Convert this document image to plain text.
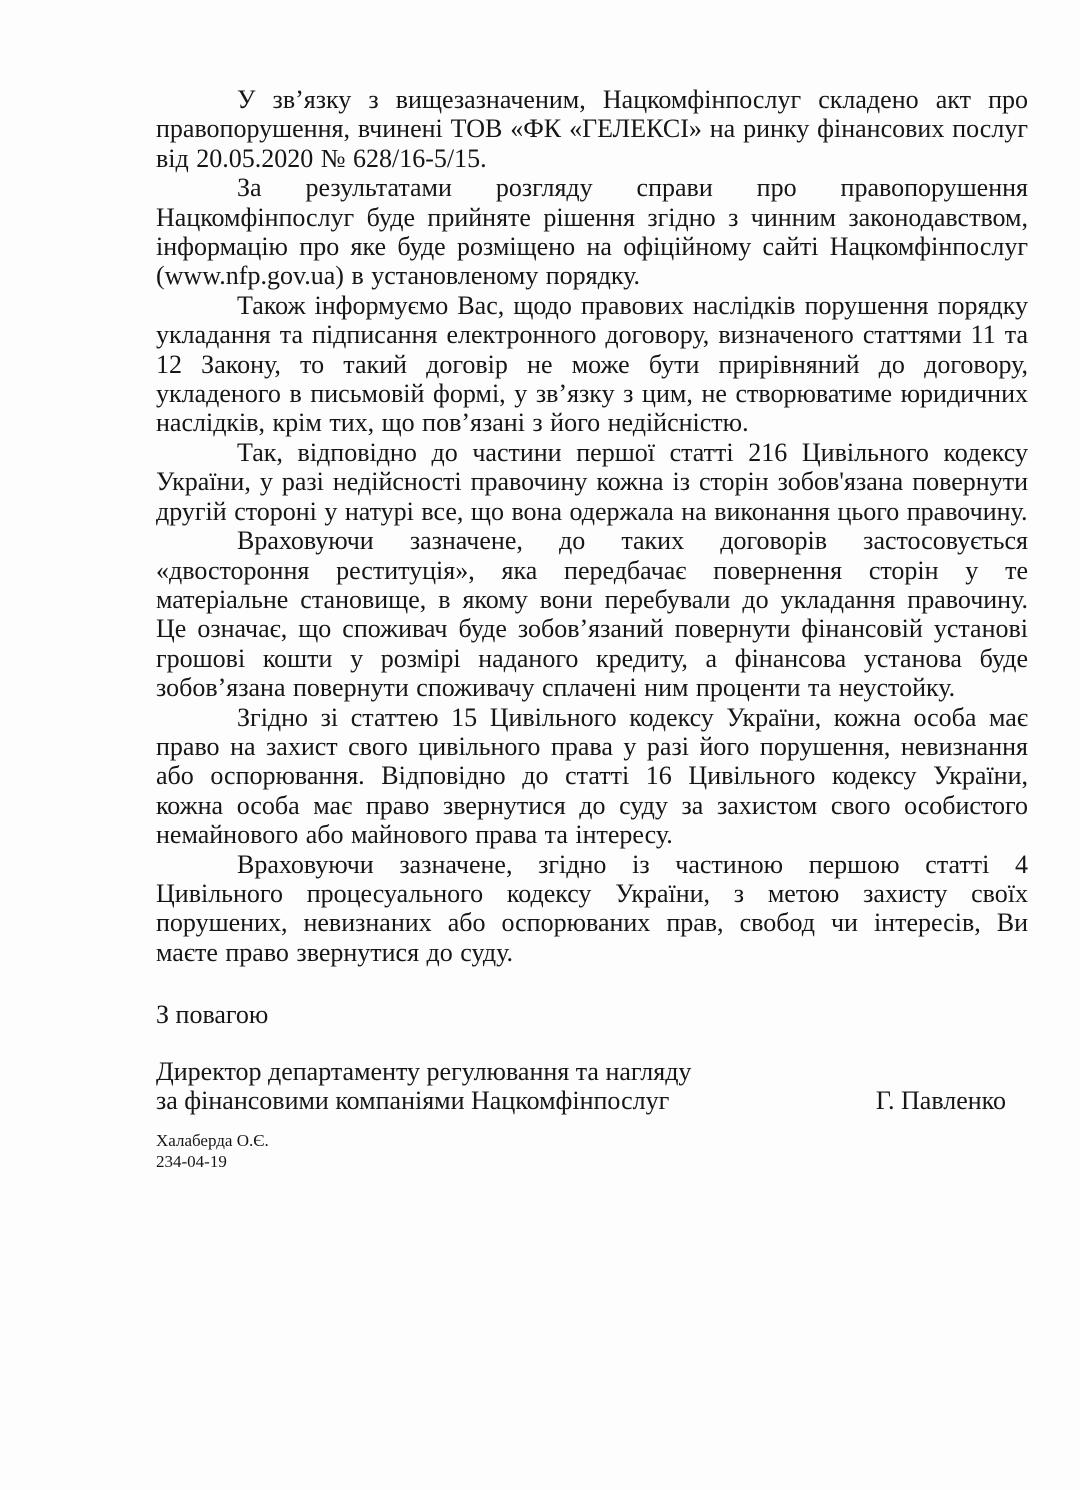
У зв’язку з вищезазначеним, Нацкомфінпослуг складено акт про правопорушення, вчинені ТОВ «ФК «ГЕЛЕКСІ» на ринку фінансових послуг від 20.05.2020 № 628/16-5/15.

За результатами розгляду справи про правопорушення Нацкомфінпослуг буде прийняте рішення згідно з чинним законодавством, інформацію про яке буде розміщено на офіційному сайті Нацкомфінпослуг (www.nfp.gov.ua) в установленому порядку.

Також інформуємо Вас, щодо правових наслідків порушення порядку укладання та підписання електронного договору, визначеного статтями 11 та 12 Закону, то такий договір не може бути прирівняний до договору, укладеного в письмовій формі, у зв’язку з цим, не створюватиме юридичних наслідків, крім тих, що пов’язані з його недійсністю.

Так, відповідно до частини першої статті 216 Цивільного кодексу України, у разі недійсності правочину кожна із сторін зобов'язана повернути другій стороні у натурі все, що вона одержала на виконання цього правочину.

Враховуючи зазначене, до таких договорів застосовується «двостороння реституція», яка передбачає повернення сторін у те матеріальне становище, в якому вони перебували до укладання правочину. Це означає, що споживач буде зобов’язаний повернути фінансовій установі грошові кошти у розмірі наданого кредиту, а фінансова установа буде зобов’язана повернути споживачу сплачені ним проценти та неустойку.

Згідно зі статтею 15 Цивільного кодексу України, кожна особа має право на захист свого цивільного права у разі його порушення, невизнання або оспорювання. Відповідно до статті 16 Цивільного кодексу України, кожна особа має право звернутися до суду за захистом свого особистого немайнового або майнового права та інтересу.

Враховуючи зазначене, згідно із частиною першою статті 4 Цивільного процесуального кодексу України, з метою захисту своїх порушених, невизнаних або оспорюваних прав, свобод чи інтересів, Ви маєте право звернутися до суду.

З повагою
Директор департаменту регулювання та нагляду
за фінансовими компаніями Нацкомфінпослуг	Г. Павленко
Халаберда О.Є.
234-04-19
